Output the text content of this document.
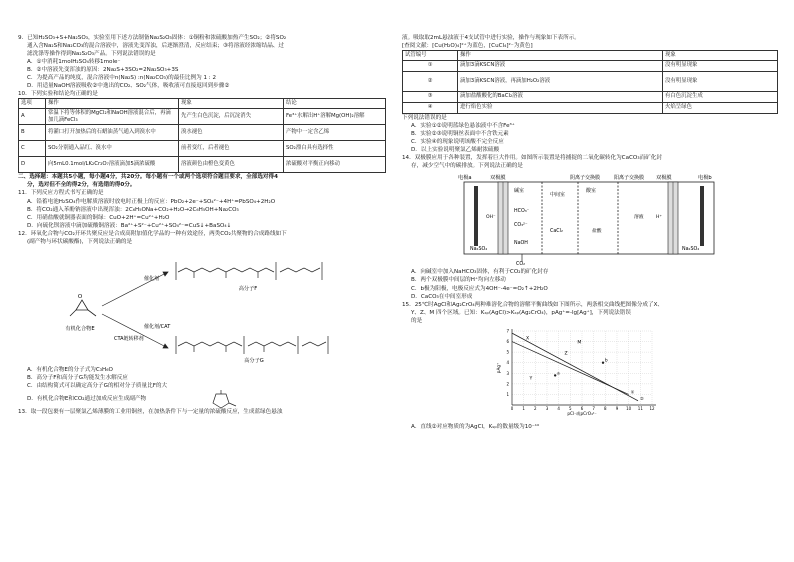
9．已知H₂SO₃+S+Na₂SO₃，实验室用下述方法制备Na₂S₂O₃固体：①铜粉和浓硫酸加热产生SO₂；②将SO₂
通入含Na₂S和Na₂CO₃的混合溶液中，溶液先变浑浊，后逐渐澄清，反应结束；③将溶液经浓缩结晶、过
滤洗涤等操作得到Na₂S₂O₃产品。下列说法错误的是
A．①中消耗1molH₂SO₄转移1mole⁻
B．②中溶液先变浑浊的原因：2Na₂S+3SO₂=2Na₂SO₃+3S
C．为提高产品的纯度，混合溶液中n(Na₂S) :n(Na₂CO₃)的最佳比例为 1 : 2
D．用适量NaOH溶液吸收②中逸出的CO₂、SO₂气体，吸收液可直接返回到步骤②
10．下列实验和结论均正确的是
选项	操作	现象	结论
A	常温下将等体积的MgCl₂和NaOH溶液混合后，再滴加几滴FeCl₃	先产生白色沉淀，后沉淀消失	Fe³⁺水解出H⁺溶解Mg(OH)₂溶解
B	将灌口打开加热后的石蜡油蒸气通入到溴水中	溴水褪色	产物中一定含乙烯
C	SO₂分别通入品红、溴水中	前者变红，后者褪色	SO₂漂白具有选择性
D	向5mL0.1mol/LK₂Cr₂O₇溶液滴加5滴浓硫酸	溶液颜色由橙色变黄色	浓硫酸对平衡正向移动
二、选择题：本题共5小题，每小题4分，共20分。每小题有一个或两个选项符合题目要求，全部选对得4
分，选对但不全的得2分，有选错的得0分。
11．下列反应方程式书写正确的是
A．铅蓄电池H₂SO₄作电解质溶液时放电时正极上的反应：PbO₂+2e⁻+SO₄²⁻+4H⁺=PbSO₄+2H₂O
B．将CO₂通入苯酚钠溶液中出现浑浊：2C₆H₅ONa+CO₂+H₂O→2C₆H₅OH+Na₂CO₃
C．用硝盐酸就铜器表面的铜绿：CuO+2H⁺=Cu²⁺+H₂O
D．向硫化钡溶液中滴加硫酸铜溶液：Ba²⁺+S²⁻+Cu²⁺+SO₄²⁻=CuS↓+BaSO₄↓
12．环氧化合物与CO₂开环共聚反应是合成高附加值化学品的一种有效途径，两类CO₂共聚物的合成路线如下
(副产物与环状碳酸酯)，下列说法正确的是
O
有机化合物E
催化剂
催化剂/CAT
CTA链转移剂
高分子F
高分子G
A．有机化合物E的分子式为C₃H₆O
B．高分子F和高分子G均能发生水解反应
C．由结构简式可以确定高分子G的相对分子质量比F的大
D．有机化合物E和CO₂通过加成反应生成副产物
13．取一段包裹有一层聚氯乙烯薄膜的工业用铜丝，在加热条件下与一定量的浓硫酸反应，生成蓝绿色悬浊
液。吸取取2mL悬浊液于4支试管中进行实验，操作与现象如下表所示。
[查阅文献：[Cu(H₂O)₄]²⁺为蓝色，[CuCl₄]²⁻为黄色]
试管编号	操作	现象
①	滴加3滴KSCN溶液	没有明显现象
②	滴加3滴KSCN溶液，再滴加H₂O₂溶液	没有明显现象
③	滴加盐酸酸化的BaCl₂溶液	有白色沉淀生成
④	进行焰色实验	火焰呈绿色
下列说法错误的是
A．实验①②说明蓝绿色悬浊液中不含Fe³⁺
B．实验②③说明铜丝表面中不含铁元素
C．实验④的现象说明该酸不完全反应
D．以上实验说明聚氯乙烯耐浓硫酸
14．双极膜应用于各种装置，发挥着巨大作用。如图所示装置是将捕捉的二氧化碳转化为CaCO₃而矿化封
存，减少空气中的碳排放。下列说法正确的是
电极a	电极b
双极膜	双极膜
阴离子交换膜	阳离子交换膜
Na₂SO₄	Na₂SO₄
碱室
HCO₃⁻
CO₃²⁻
NaOH
中间室
CaCl₂
酸室
盐酸
溶液
OH⁻	H⁺
CO₂
A．向碱室中加入NaHCO₃固体，有利于CO₂的矿化封存
B．两个双极膜中间层的H⁺均向左移动
C．b极为阳极，电极反应式为4OH⁻-4e⁻=O₂↑+2H₂O
D．CaCO₃在中间室形成
15．25℃时AgCl和Ag₂CrO₄两种难溶化合物的溶解平衡曲线如下图所示，两条相交曲线把图像分成了X、
Y、Z、M 四个区域。已知：Kₛₚ(AgCl)>Kₛₚ(Ag₂CrO₄)，pAg⁺=-lg[Ag⁺]，下列说法错误
的是
0 1 2 3 4 5 6 7 8 9 10 11 12
1
2
3
4
5
6
7
pCl⁻或pCrO₄²⁻
pAg⁺
①
②
a
b
X
Y
Z
M
A．直线②对应物质的为AgCl，Kₛₚ的数量级为10⁻¹⁰
